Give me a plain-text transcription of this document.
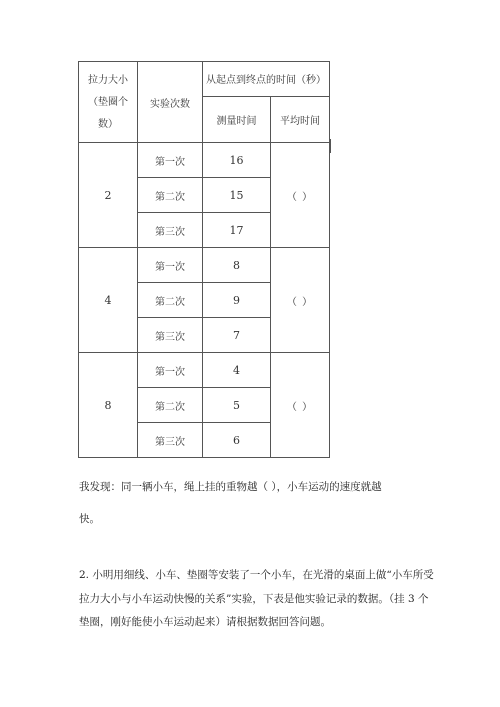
拉力大小
（垫圈个
数）	实验次数	从起点到终点的时间（秒）	
		测量时间	平均时间
2	第一次	16	（ ）
	第二次	15	
	第三次	17	
4	第一次	8	（ ）
	第二次	9	
	第三次	7	
8	第一次	4	（ ）
	第二次	5	
	第三次	6	
我发现：同一辆小车，绳上挂的重物越（ ），小车运动的速度就越
快。
2. 小明用细线、小车、垫圈等安装了一个小车，在光滑的桌面上做“小车所受
拉力大小与小车运动快慢的关系”实验，下表是他实验记录的数据。（挂 3 个
垫圈，刚好能使小车运动起来）请根据数据回答问题。
